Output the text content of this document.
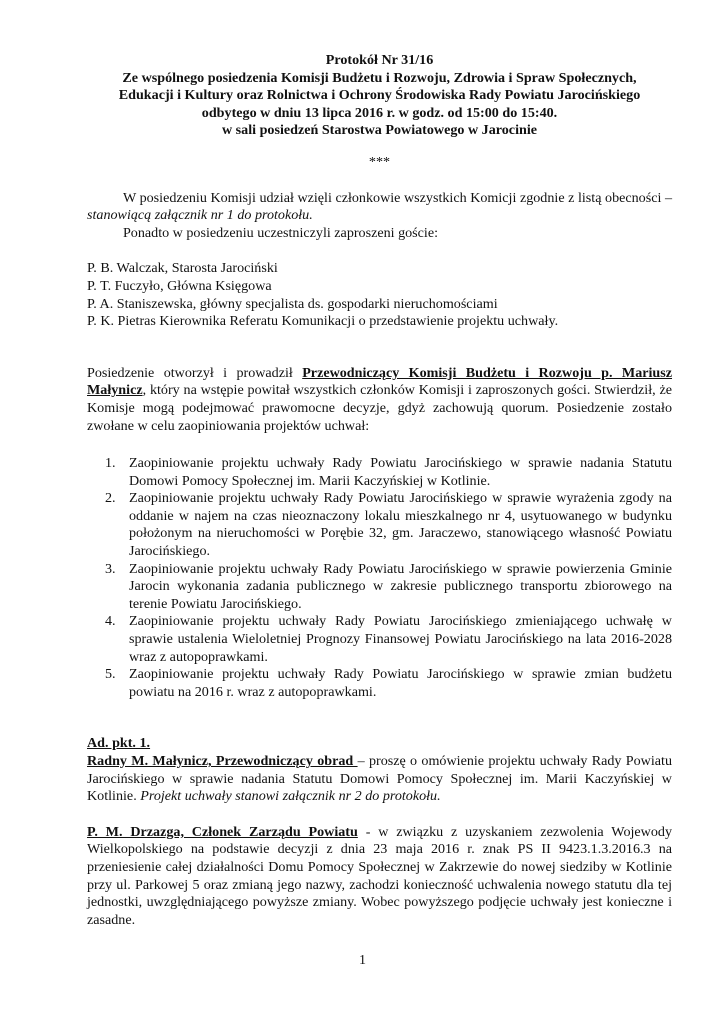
Protokół Nr 31/16
Ze wspólnego posiedzenia Komisji Budżetu i Rozwoju, Zdrowia i Spraw Społecznych,
Edukacji i Kultury oraz Rolnictwa i Ochrony Środowiska Rady Powiatu Jarocińskiego
odbytego w dniu 13 lipca 2016 r. w godz. od 15:00 do 15:40.
w sali posiedzeń Starostwa Powiatowego w Jarocinie
***

W posiedzeniu Komisji udział wzięli członkowie wszystkich Komicji zgodnie z listą obecności – stanowiącą załącznik nr 1 do protokołu.

Ponadto w posiedzeniu uczestniczyli zaproszeni goście:

P. B. Walczak, Starosta Jarociński
P. T. Fuczyło, Główna Księgowa
P. A. Staniszewska, główny specjalista ds. gospodarki nieruchomościami
P. K. Pietras Kierownika Referatu Komunikacji o przedstawienie projektu uchwały.

Posiedzenie otworzył i prowadził Przewodniczący Komisji Budżetu i Rozwoju p. Mariusz Małynicz, który na wstępie powitał wszystkich członków Komisji i zaproszonych gości. Stwierdził, że Komisje mogą podejmować prawomocne decyzje, gdyż zachowują quorum. Posiedzenie zostało zwołane w celu zaopiniowania projektów uchwał:

1. Zaopiniowanie projektu uchwały Rady Powiatu Jarocińskiego w sprawie nadania Statutu Domowi Pomocy Społecznej im. Marii Kaczyńskiej w Kotlinie.
2. Zaopiniowanie projektu uchwały Rady Powiatu Jarocińskiego w sprawie wyrażenia zgody na oddanie w najem na czas nieoznaczony lokalu mieszkalnego nr 4, usytuowanego w budynku położonym na nieruchomości w Porębie 32, gm. Jaraczewo, stanowiącego własność Powiatu Jarocińskiego.
3. Zaopiniowanie projektu uchwały Rady Powiatu Jarocińskiego w sprawie powierzenia Gminie Jarocin wykonania zadania publicznego w zakresie publicznego transportu zbiorowego na terenie Powiatu Jarocińskiego.
4. Zaopiniowanie projektu uchwały Rady Powiatu Jarocińskiego zmieniającego uchwałę w sprawie ustalenia Wieloletniej Prognozy Finansowej Powiatu Jarocińskiego na lata 2016-2028 wraz z autopoprawkami.
5. Zaopiniowanie projektu uchwały Rady Powiatu Jarocińskiego w sprawie zmian budżetu powiatu na 2016 r. wraz z autopoprawkami.

Ad. pkt. 1.

Radny M. Małynicz, Przewodniczący obrad – proszę o omówienie projektu uchwały Rady Powiatu Jarocińskiego w sprawie nadania Statutu Domowi Pomocy Społecznej im. Marii Kaczyńskiej w Kotlinie. Projekt uchwały stanowi załącznik nr 2 do protokołu.

P. M. Drzazga, Członek Zarządu Powiatu - w związku z uzyskaniem zezwolenia Wojewody Wielkopolskiego na podstawie decyzji z dnia 23 maja 2016 r. znak PS II 9423.1.3.2016.3 na przeniesienie całej działalności Domu Pomocy Społecznej w Zakrzewie do nowej siedziby w Kotlinie przy ul. Parkowej 5 oraz zmianą jego nazwy, zachodzi konieczność uchwalenia nowego statutu dla tej jednostki, uwzględniającego powyższe zmiany. Wobec powyższego podjęcie uchwały jest konieczne i zasadne.

1
